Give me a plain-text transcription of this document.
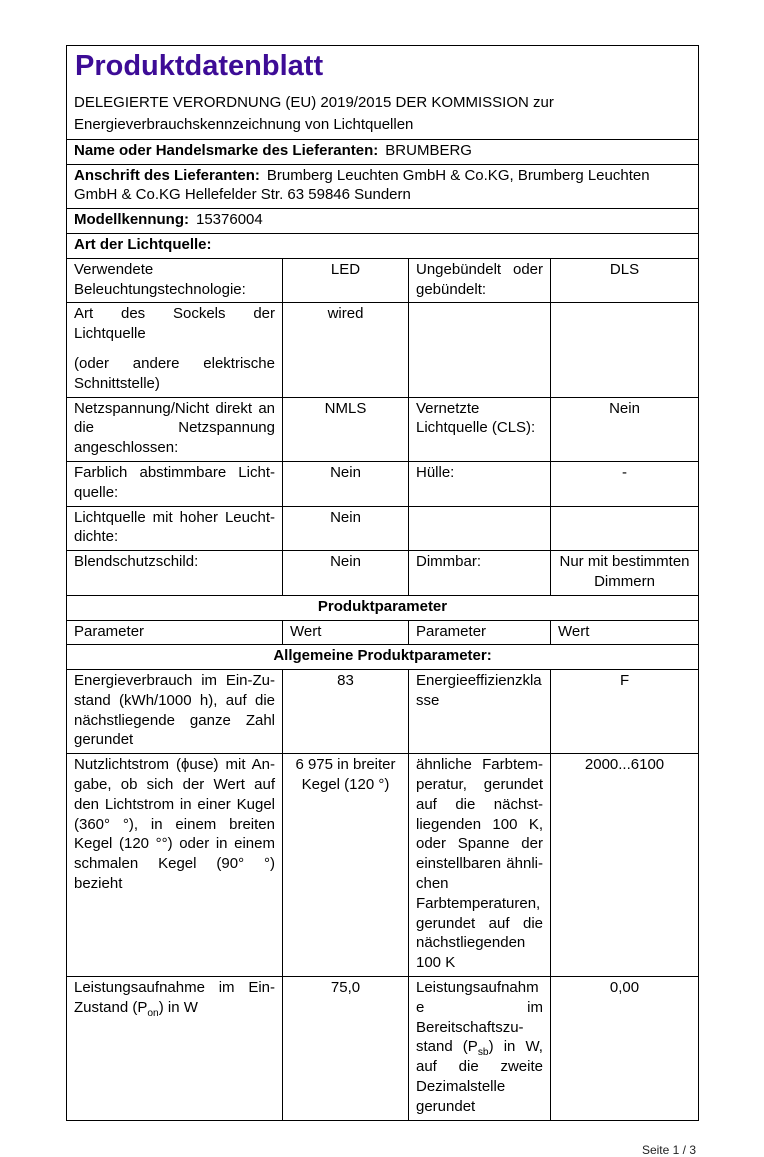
Produktdatenblatt
DELEGIERTE VERORDNUNG (EU) 2019/2015 DER KOMMISSION zur Energieverbrauchskennzeichnung von Lichtquellen			

Name oder Handelsmarke des Lieferanten: BRUMBERG			
Anschrift des Lieferanten: Brumberg Leuchten GmbH & Co.KG, Brumberg Leuchten GmbH & Co.KG Hellefelder Str. 63 59846 Sundern			
Modellkennung: 15376004			
Art der Lichtquelle:			
Verwendete Beleuchtungstechnologie:	LED	Ungebündelt oder gebündelt:	DLS

Art des Sockels der Lichtquelle
(oder andere elektrische Schnittstelle)	wired		
Netzspannung/Nicht direkt an die Netzspannung angeschlossen:	NMLS	Vernetzte Lichtquelle (CLS):	Nein
Farblich abstimmbare Lichtquelle:	Nein	Hülle:	-
Lichtquelle mit hoher Leuchtdichte:	Nein		
Blendschutzschild:	Nein	Dimmbar:	Nur mit bestimmten Dimmern
Produktparameter			
Parameter	Wert	Parameter	Wert
Allgemeine Produktparameter:			
Energieverbrauch im Ein-Zustand (kWh/1000 h), auf die nächstliegende ganze Zahl gerundet	83	Energieeffizienzklasse	F
Nutzlichtstrom (ϕuse) mit Angabe, ob sich der Wert auf den Lichtstrom in einer Kugel (360° °), in einem breiten Kegel (120 °°) oder in einem schmalen Kegel (90° °) bezieht	6 975 in breiter Kegel (120 °)	ähnliche Farbtemperatur, gerundet auf die nächstliegenden 100 K, oder Spanne der einstellbaren ähnlichen Farbtemperaturen, gerundet auf die nächstliegenden 100 K	2000...6100
Leistungsaufnahme im Ein-Zustand $(P_{on})$ in W	75,0	Leistungsaufnahme im Bereitschaftszustand $(P_{sb})$ in W, auf die zweite Dezimalstelle gerundet	0,00
Seite 1 / 3
